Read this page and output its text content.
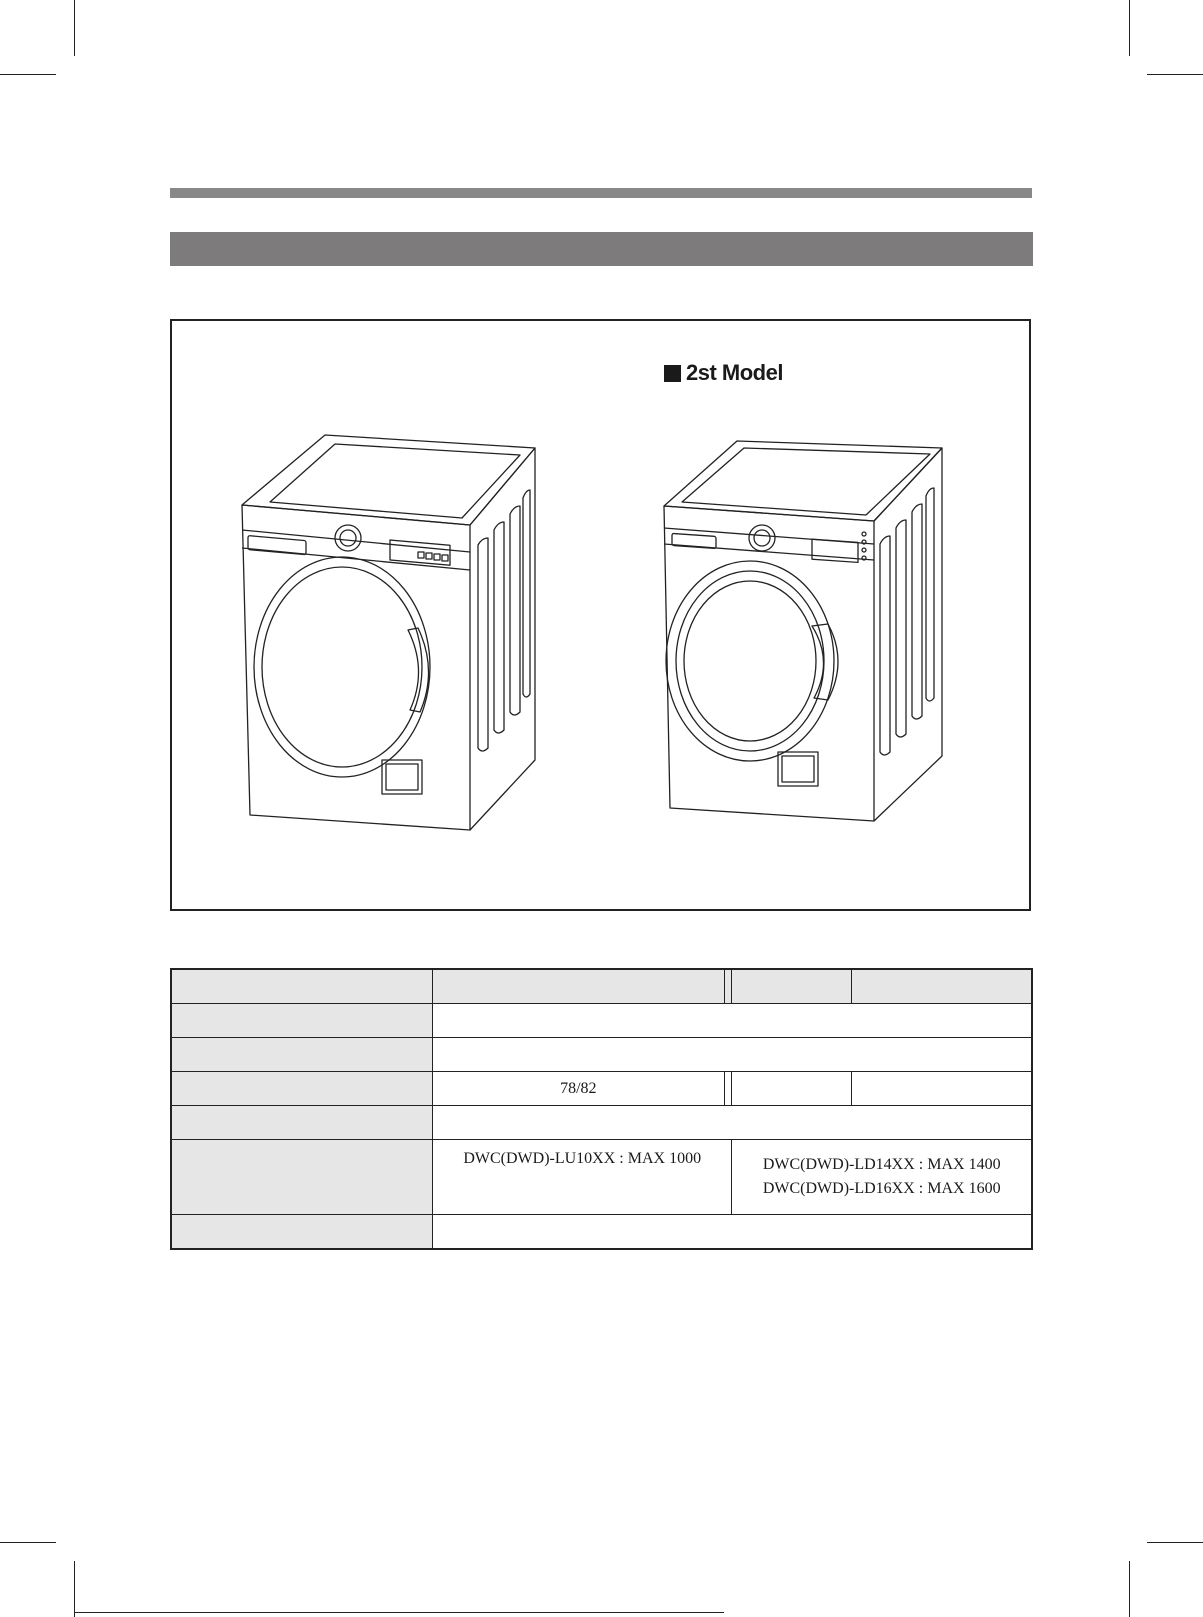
2st Model

	78/82			

	DWC(DWD)-LU10XX : MAX 1000		DWC(DWD)-LD14XX : MAX 1400
DWC(DWD)-LD16XX : MAX 1600	
